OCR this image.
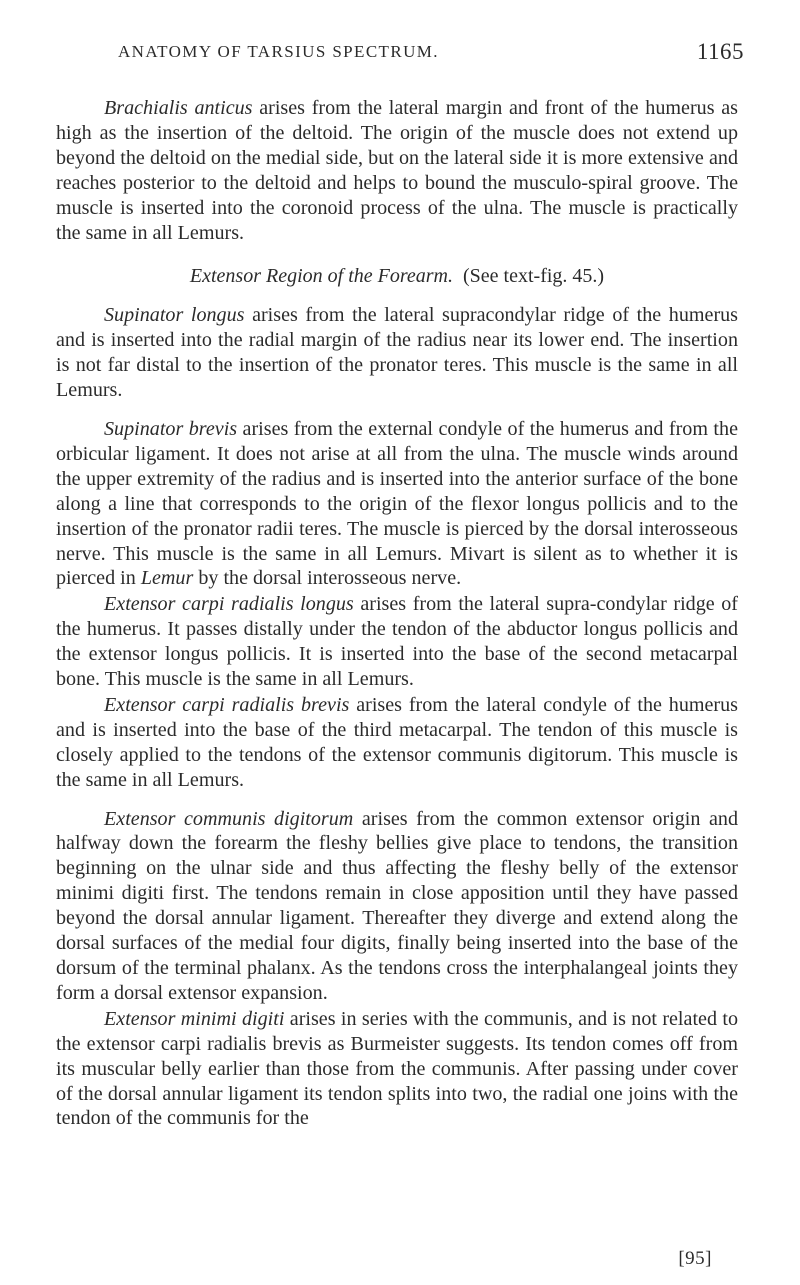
ANATOMY OF TARSIUS SPECTRUM.	1165

Brachialis anticus arises from the lateral margin and front of the humerus as high as the insertion of the deltoid. The origin of the muscle does not extend up beyond the deltoid on the medial side, but on the lateral side it is more extensive and reaches posterior to the deltoid and helps to bound the musculo-spiral groove. The muscle is inserted into the coronoid process of the ulna. The muscle is practically the same in all Lemurs.

Extensor Region of the Forearm. (See text-fig. 45.)

Supinator longus arises from the lateral supracondylar ridge of the humerus and is inserted into the radial margin of the radius near its lower end. The insertion is not far distal to the insertion of the pronator teres. This muscle is the same in all Lemurs.

Supinator brevis arises from the external condyle of the humerus and from the orbicular ligament. It does not arise at all from the ulna. The muscle winds around the upper extremity of the radius and is inserted into the anterior surface of the bone along a line that corresponds to the origin of the flexor longus pollicis and to the insertion of the pronator radii teres. The muscle is pierced by the dorsal interosseous nerve. This muscle is the same in all Lemurs. Mivart is silent as to whether it is pierced in Lemur by the dorsal interosseous nerve.

Extensor carpi radialis longus arises from the lateral supra-condylar ridge of the humerus. It passes distally under the tendon of the abductor longus pollicis and the extensor longus pollicis. It is inserted into the base of the second metacarpal bone. This muscle is the same in all Lemurs.

Extensor carpi radialis brevis arises from the lateral condyle of the humerus and is inserted into the base of the third metacarpal. The tendon of this muscle is closely applied to the tendons of the extensor communis digitorum. This muscle is the same in all Lemurs.

Extensor communis digitorum arises from the common extensor origin and halfway down the forearm the fleshy bellies give place to tendons, the transition beginning on the ulnar side and thus affecting the fleshy belly of the extensor minimi digiti first. The tendons remain in close apposition until they have passed beyond the dorsal annular ligament. Thereafter they diverge and extend along the dorsal surfaces of the medial four digits, finally being inserted into the base of the dorsum of the terminal phalanx. As the tendons cross the interphalangeal joints they form a dorsal extensor expansion.

Extensor minimi digiti arises in series with the communis, and is not related to the extensor carpi radialis brevis as Burmeister suggests. Its tendon comes off from its muscular belly earlier than those from the communis. After passing under cover of the dorsal annular ligament its tendon splits into two, the radial one joins with the tendon of the communis for the

[95]
